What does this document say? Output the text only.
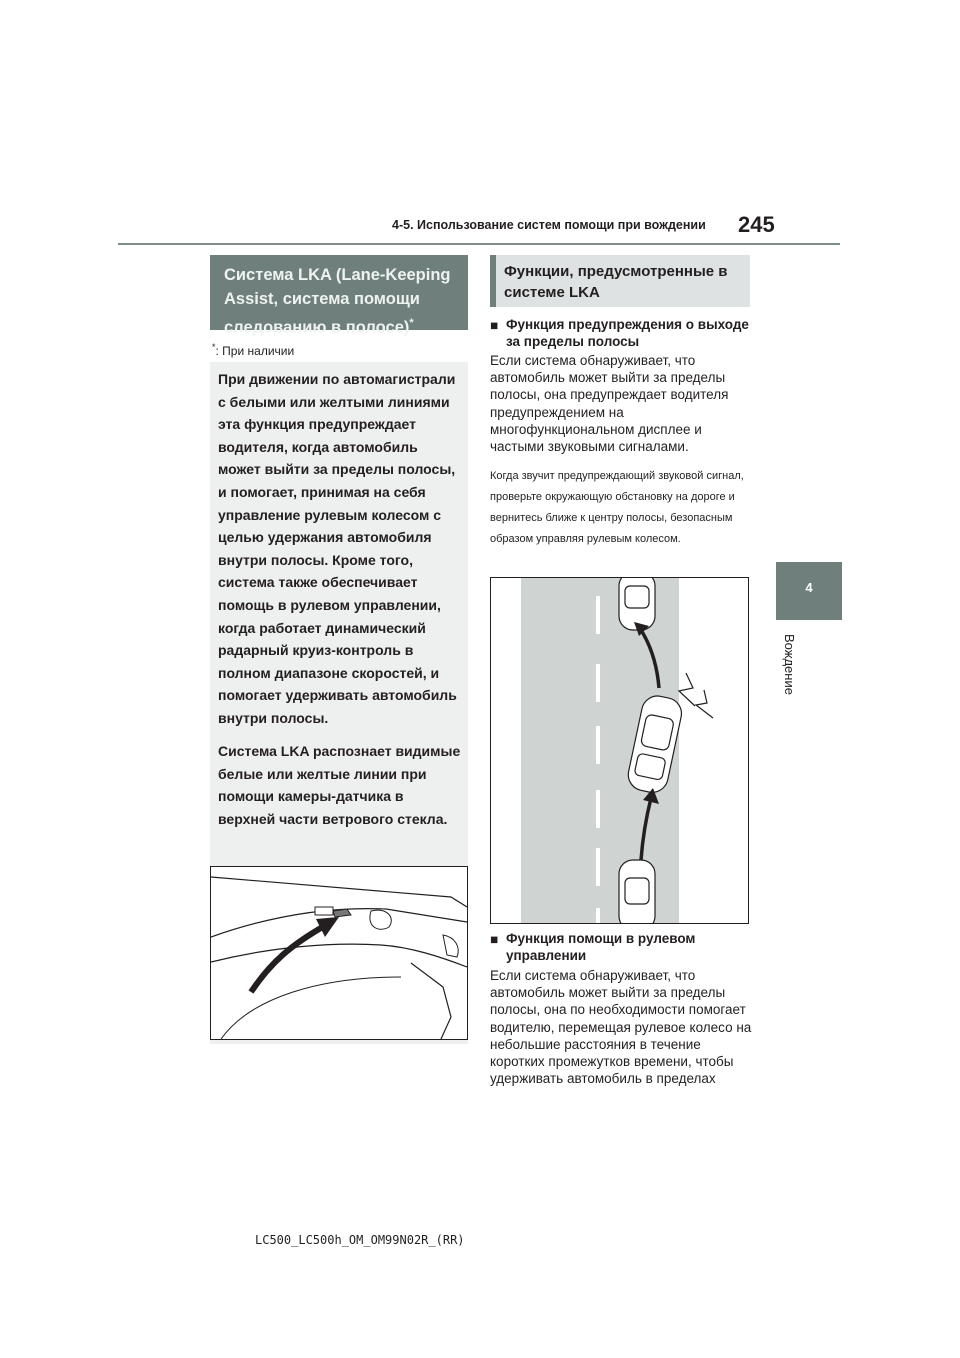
4-5. Использование систем помощи при вождении 245
4
Вождение
Система LKA (Lane-Keeping Assist, система помощи следованию в полосе)*
*: При наличии

При движении по автомагистрали с белыми или желтыми линиями эта функция предупреждает водителя, когда автомобиль может выйти за пределы полосы, и помогает, принимая на себя управление рулевым колесом с целью удержания автомобиля внутри полосы. Кроме того, система также обеспечивает помощь в рулевом управлении, когда работает динамический радарный круиз-контроль в полном диапазоне скоростей, и помогает удерживать автомобиль внутри полосы.

Система LKA распознает видимые белые или желтые линии при помощи камеры-датчика в верхней части ветрового стекла.

Функции, предусмотренные в системе LKA
■ Функция предупреждения о выходе за пределы полосы

Если система обнаруживает, что автомобиль может выйти за пределы полосы, она предупреждает водителя предупреждением на многофункциональном дисплее и частыми звуковыми сигналами.

Когда звучит предупреждающий звуковой сигнал, проверьте окружающую обстановку на дороге и вернитесь ближе к центру полосы, безопасным образом управляя рулевым колесом.

■ Функция помощи в рулевом управлении

Если система обнаруживает, что автомобиль может выйти за пределы полосы, она по необходимости помогает водителю, перемещая рулевое колесо на небольшие расстояния в течение коротких промежутков времени, чтобы удерживать автомобиль в пределах

LC500_LC500h_OM_OM99N02R_(RR)
